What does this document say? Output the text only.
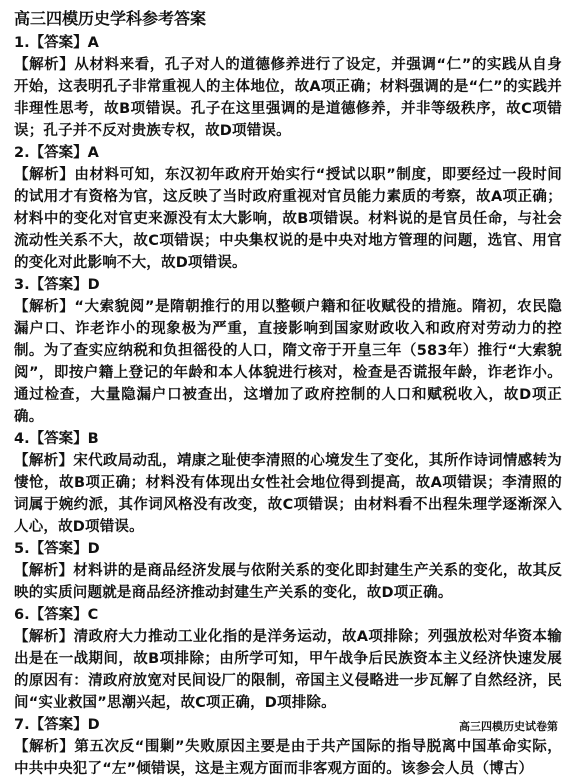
高三四模历史学科参考答案
1.【答案】A
【解析】从材料来看，孔子对人的道德修养进行了设定，并强调“仁”的实践从自身开始，这表明孔子非常重视人的主体地位，故A项正确；材料强调的是“仁”的实践并非理性思考，故B项错误。孔子在这里强调的是道德修养，并非等级秩序，故C项错误；孔子并不反对贵族专权，故D项错误。
2.【答案】A
【解析】由材料可知，东汉初年政府开始实行“授试以职”制度，即要经过一段时间的试用才有资格为官，这反映了当时政府重视对官员能力素质的考察，故A项正确；材料中的变化对官吏来源没有太大影响，故B项错误。材料说的是官员任命，与社会流动性关系不大，故C项错误；中央集权说的是中央对地方管理的问题，选官、用官的变化对此影响不大，故D项错误。
3.【答案】D
【解析】“大索貌阅”是隋朝推行的用以整顿户籍和征收赋役的措施。隋初，农民隐漏户口、诈老诈小的现象极为严重，直接影响到国家财政收入和政府对劳动力的控制。为了查实应纳税和负担徭役的人口，隋文帝于开皇三年（583年）推行“大索貌阅”，即按户籍上登记的年龄和本人体貌进行核对，检查是否谎报年龄，诈老诈小。通过检查，大量隐漏户口被查出，这增加了政府控制的人口和赋税收入，故D项正确。
4.【答案】B
【解析】宋代政局动乱，靖康之耻使李清照的心境发生了变化，其所作诗词情感转为悽怆，故B项正确；材料没有体现出女性社会地位得到提高，故A项错误；李清照的词属于婉约派，其作词风格没有改变，故C项错误；由材料看不出程朱理学逐渐深入人心，故D项错误。
5.【答案】D
【解析】材料讲的是商品经济发展与依附关系的变化即封建生产关系的变化，故其反映的实质问题就是商品经济推动封建生产关系的变化，故D项正确。
6.【答案】C
【解析】清政府大力推动工业化指的是洋务运动，故A项排除；列强放松对华资本输出是在一战期间，故B项排除；由所学可知，甲午战争后民族资本主义经济快速发展的原因有：清政府放宽对民间设厂的限制，帝国主义侵略进一步瓦解了自然经济，民间“实业救国”思潮兴起，故C项正确，D项排除。
7.【答案】D
【解析】第五次反“围剿”失败原因主要是由于共产国际的指导脱离中国革命实际，中共中央犯了“左”倾错误，这是主观方面而非客观方面的。该参会人员（博古）
高三四模历史试卷第
